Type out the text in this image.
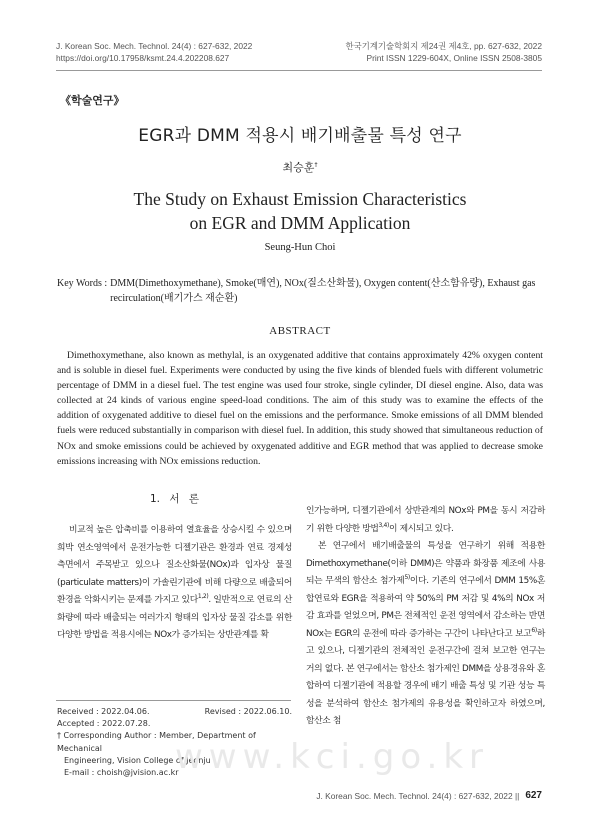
J. Korean Soc. Mech. Technol. 24(4) : 627-632, 2022
https://doi.org/10.17958/ksmt.24.4.202208.627
한국기계기술학회지 제24권 제4호, pp. 627-632, 2022
Print ISSN 1229-604X, Online ISSN 2508-3805
《학술연구》
EGR과 DMM 적용시 배기배출물 특성 연구
최승훈†
The Study on Exhaust Emission Characteristics
on EGR and DMM Application
Seung-Hun Choi
Key Words : DMM(Dimethoxymethane), Smoke(매연), NOx(질소산화물), Oxygen content(산소함유량), Exhaust gas recirculation(배기가스 재순환)
ABSTRACT

Dimethoxymethane, also known as methylal, is an oxygenated additive that contains approximately 42% oxygen content and is soluble in diesel fuel. Experiments were conducted by using the five kinds of blended fuels with different volumetric percentage of DMM in a diesel fuel. The test engine was used four stroke, single cylinder, DI diesel engine. Also, data was collected at 24 kinds of various engine speed-load conditions. The aim of this study was to examine the effects of the addition of oxygenated additive to diesel fuel on the emissions and the performance. Smoke emissions of all DMM blended fuels were reduced substantially in comparison with diesel fuel. In addition, this study showed that simultaneous reduction of NOx and smoke emissions could be achieved by oxygenated additive and EGR method that was applied to decrease smoke emissions increasing with NOx emissions reduction.

1. 서 론

비교적 높은 압축비를 이용하여 열효율을 상승시킬 수 있으며 희박 연소영역에서 운전가능한 디젤기관은 환경과 연료 경제성 측면에서 주목받고 있으나 질소산화물(NOx)과 입자상 물질(particulate matters)이 가솔린기관에 비해 다량으로 배출되어 환경을 악화시키는 문제를 가지고 있다$^{1,2)}$. 일반적으로 연료의 산화량에 따라 배출되는 여러가지 형태의 입자상 물질 감소를 위한 다양한 방법을 적용시에는 NOx가 증가되는 상반관계를 확

인가능하며, 디젤기관에서 상반관계의 NOx와 PM을 동시 저감하기 위한 다양한 방법$^{3,4)}$이 제시되고 있다.

본 연구에서 배기배출물의 특성을 연구하기 위해 적용한 Dimethoxymethane(이하 DMM)은 약품과 화장품 제조에 사용되는 무색의 함산소 첨가제$^{5)}$이다. 기존의 연구에서 DMM 15%혼합연료와 EGR을 적용하여 약 50%의 PM 저감 및 4%의 NOx 저감 효과를 얻었으며, PM은 전체적인 운전 영역에서 감소하는 반면 NOx는 EGR의 운전에 따라 증가하는 구간이 나타난다고 보고$^{6)}$하고 있으나, 디젤기관의 전체적인 운전구간에 걸쳐 보고한 연구는 거의 없다. 본 연구에서는 함산소 첨가제인 DMM을 상용경유와 혼합하여 디젤기관에 적용할 경우에 배기 배출 특성 및 기관 성능 특성을 분석하여 함산소 첨가제의 유용성을 확인하고자 하였으며, 함산소 첨

Received : 2022.04.06.	Revised : 2022.06.10.
Accepted : 2022.07.28.
† Corresponding Author : Member, Department of Mechanical
Engineering, Vision College of Jeonju
E-mail : choish@jvision.ac.kr
www.kci.go.kr
J. Korean Soc. Mech. Technol. 24(4) : 627-632, 2022 || 627
